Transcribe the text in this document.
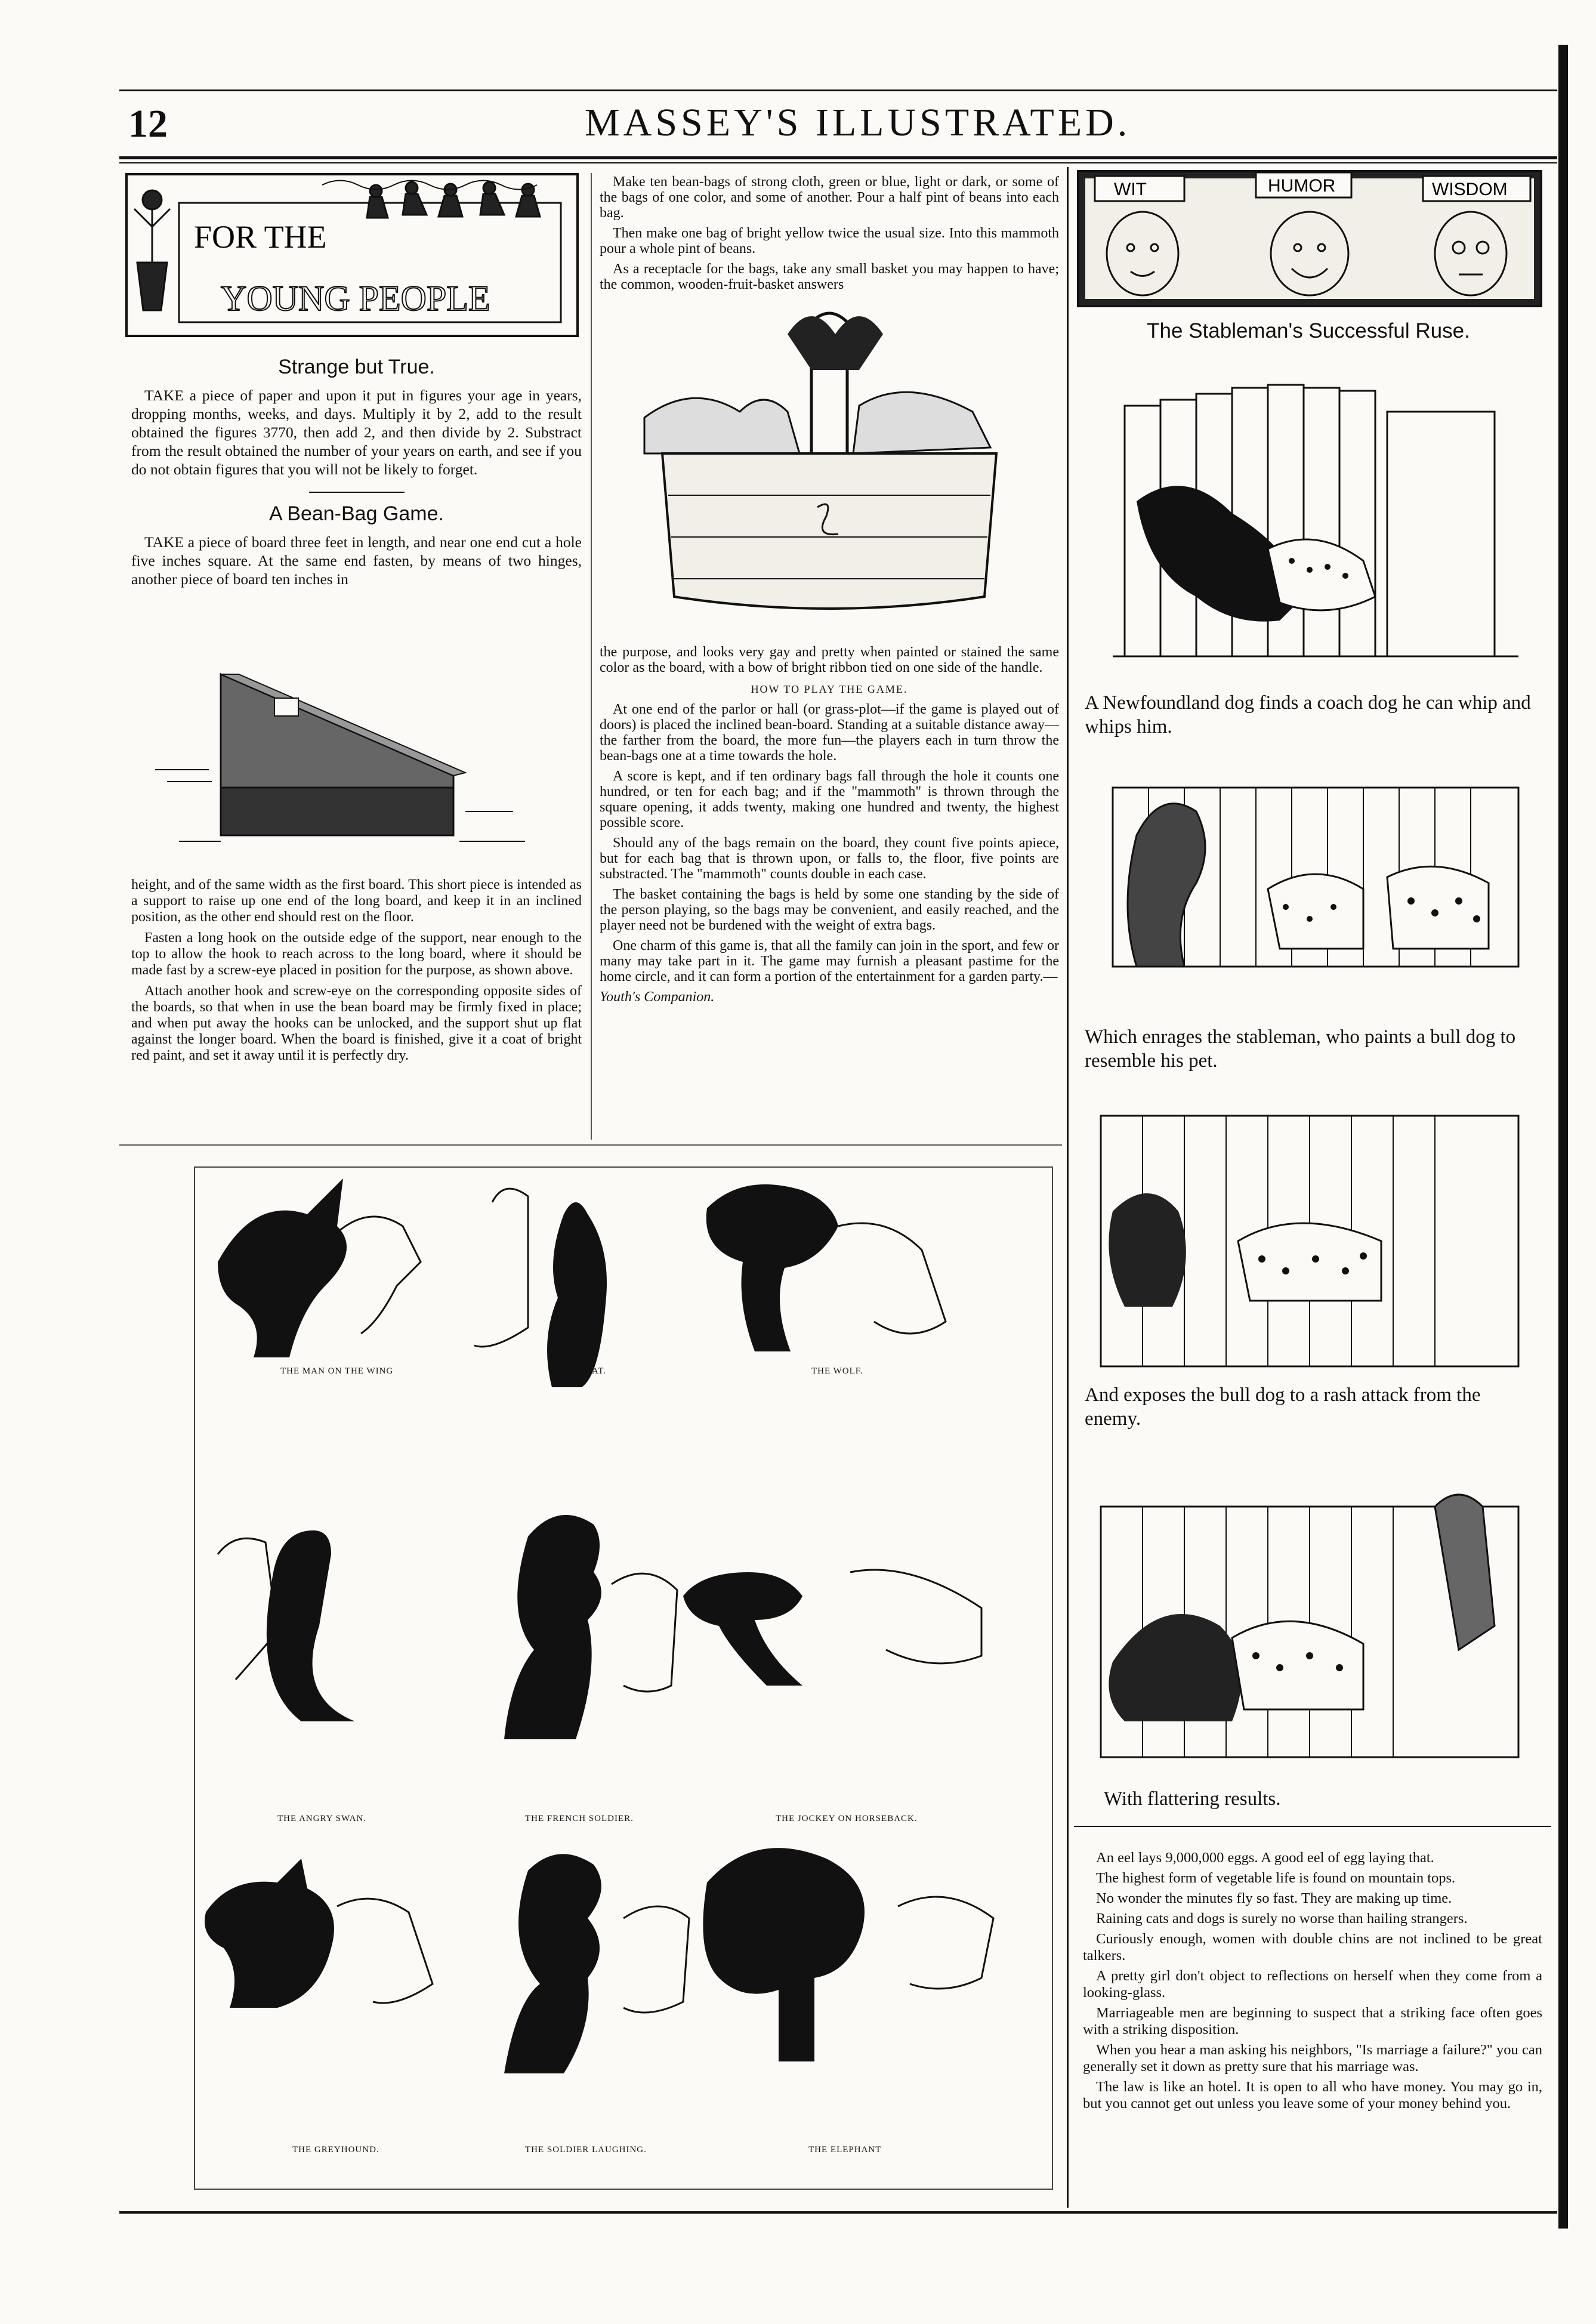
12	MASSEY'S ILLUSTRATED.
FOR THE
YOUNG PEOPLE
Strange but True.

TAKE a piece of paper and upon it put in figures your age in years, dropping months, weeks, and days. Multiply it by 2, add to the result obtained the figures 3770, then add 2, and then divide by 2. Substract from the result obtained the number of your years on earth, and see if you do not obtain figures that you will not be likely to forget.

A Bean-Bag Game.

TAKE a piece of board three feet in length, and near one end cut a hole five inches square. At the same end fasten, by means of two hinges, another piece of board ten inches in

height, and of the same width as the first board. This short piece is intended as a support to raise up one end of the long board, and keep it in an inclined position, as the other end should rest on the floor.

Fasten a long hook on the outside edge of the support, near enough to the top to allow the hook to reach across to the long board, where it should be made fast by a screw-eye placed in position for the purpose, as shown above.

Attach another hook and screw-eye on the corresponding opposite sides of the boards, so that when in use the bean board may be firmly fixed in place; and when put away the hooks can be unlocked, and the support shut up flat against the longer board. When the board is finished, give it a coat of bright red paint, and set it away until it is perfectly dry.

Make ten bean-bags of strong cloth, green or blue, light or dark, or some of the bags of one color, and some of another. Pour a half pint of beans into each bag.

Then make one bag of bright yellow twice the usual size. Into this mammoth pour a whole pint of beans.

As a receptacle for the bags, take any small basket you may happen to have; the common, wooden-fruit-basket answers

the purpose, and looks very gay and pretty when painted or stained the same color as the board, with a bow of bright ribbon tied on one side of the handle.

HOW TO PLAY THE GAME.

At one end of the parlor or hall (or grass-plot—if the game is played out of doors) is placed the inclined bean-board. Standing at a suitable distance away—the farther from the board, the more fun—the players each in turn throw the bean-bags one at a time towards the hole.

A score is kept, and if ten ordinary bags fall through the hole it counts one hundred, or ten for each bag; and if the "mammoth" is thrown through the square opening, it adds twenty, making one hundred and twenty, the highest possible score.

Should any of the bags remain on the board, they count five points apiece, but for each bag that is thrown upon, or falls to, the floor, five points are substracted. The "mammoth" counts double in each case.

The basket containing the bags is held by some one standing by the side of the person playing, so the bags may be convenient, and easily reached, and the player need not be burdened with the weight of extra bags.

One charm of this game is, that all the family can join in the sport, and few or many may take part in it. The game may furnish a pleasant pastime for the home circle, and it can form a portion of the entertainment for a garden party.—

Youth's Companion.

THE MAN ON THE WING	PUSSY-CAT.	THE WOLF.
THE ANGRY SWAN.	THE FRENCH SOLDIER.	THE JOCKEY ON HORSEBACK.
THE GREYHOUND.	THE SOLDIER LAUGHING.	THE ELEPHANT
WIT	HUMOR	WISDOM
The Stableman's Successful Ruse.
A Newfoundland dog finds a coach dog he can whip and whips him.
Which enrages the stableman, who paints a bull dog to resemble his pet.
And exposes the bull dog to a rash attack from the enemy.
With flattering results.

An eel lays 9,000,000 eggs. A good eel of egg laying that.

The highest form of vegetable life is found on mountain tops.

No wonder the minutes fly so fast. They are making up time.

Raining cats and dogs is surely no worse than hailing strangers.

Curiously enough, women with double chins are not inclined to be great talkers.

A pretty girl don't object to reflections on herself when they come from a looking-glass.

Marriageable men are beginning to suspect that a striking face often goes with a striking disposition.

When you hear a man asking his neighbors, "Is marriage a failure?" you can generally set it down as pretty sure that his marriage was.

The law is like an hotel. It is open to all who have money. You may go in, but you cannot get out unless you leave some of your money behind you.
